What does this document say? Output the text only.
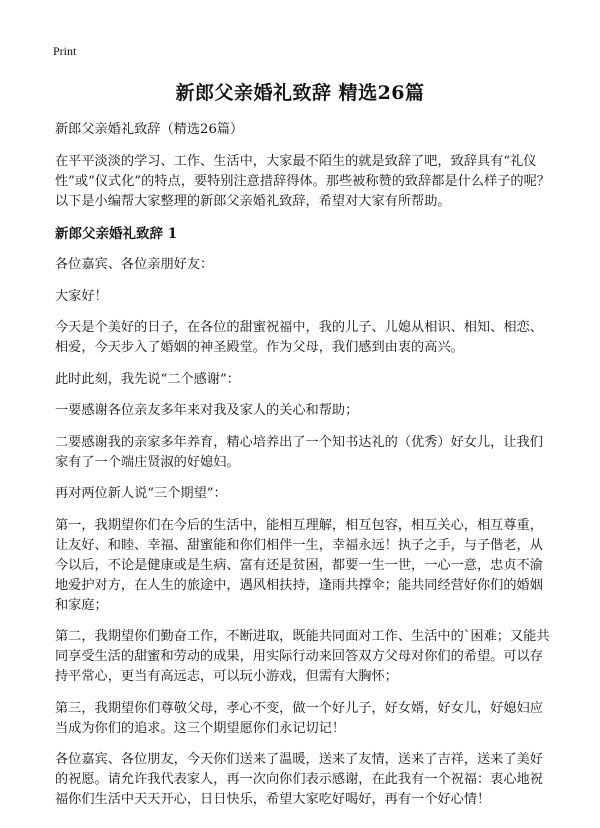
Print
新郎父亲婚礼致辞 精选26篇

新郎父亲婚礼致辞（精选26篇）

在平平淡淡的学习、工作、生活中，大家最不陌生的就是致辞了吧，致辞具有“礼仪性”或“仪式化”的特点，要特别注意措辞得体。那些被称赞的致辞都是什么样子的呢？以下是小编帮大家整理的新郎父亲婚礼致辞，希望对大家有所帮助。

新郎父亲婚礼致辞 1

各位嘉宾、各位亲朋好友：

大家好！

今天是个美好的日子，在各位的甜蜜祝福中，我的儿子、儿媳从相识、相知、相恋、相爱，今天步入了婚姻的神圣殿堂。作为父母，我们感到由衷的高兴。

此时此刻，我先说“二个感谢”：

一要感谢各位亲友多年来对我及家人的关心和帮助；

二要感谢我的亲家多年养育，精心培养出了一个知书达礼的（优秀）好女儿，让我们家有了一个端庄贤淑的好媳妇。

再对两位新人说“三个期望”：

第一，我期望你们在今后的生活中，能相互理解，相互包容，相互关心，相互尊重，让友好、和睦、幸福、甜蜜能和你们相伴一生，幸福永远！执子之手，与子偕老，从今以后，不论是健康或是生病、富有还是贫困，都要一生一世，一心一意，忠贞不渝地爱护对方，在人生的旅途中，遇风相扶持，逢雨共撑伞；能共同经营好你们的婚姻和家庭；

第二，我期望你们勤奋工作，不断进取，既能共同面对工作、生活中的`困难；又能共同享受生活的甜蜜和劳动的成果，用实际行动来回答双方父母对你们的希望。可以存持平常心，更当有高远志，可以玩小游戏，但需有大胸怀；

第三，我期望你们尊敬父母，孝心不变，做一个好儿子，好女婿，好女儿，好媳妇应当成为你们的追求。这三个期望愿你们永记切记！

各位嘉宾、各位朋友，今天你们送来了温暖，送来了友情，送来了吉祥，送来了美好的祝愿。请允许我代表家人，再一次向你们表示感谢，在此我有一个祝福：衷心地祝福你们生活中天天开心，日日快乐，希望大家吃好喝好，再有一个好心情！
